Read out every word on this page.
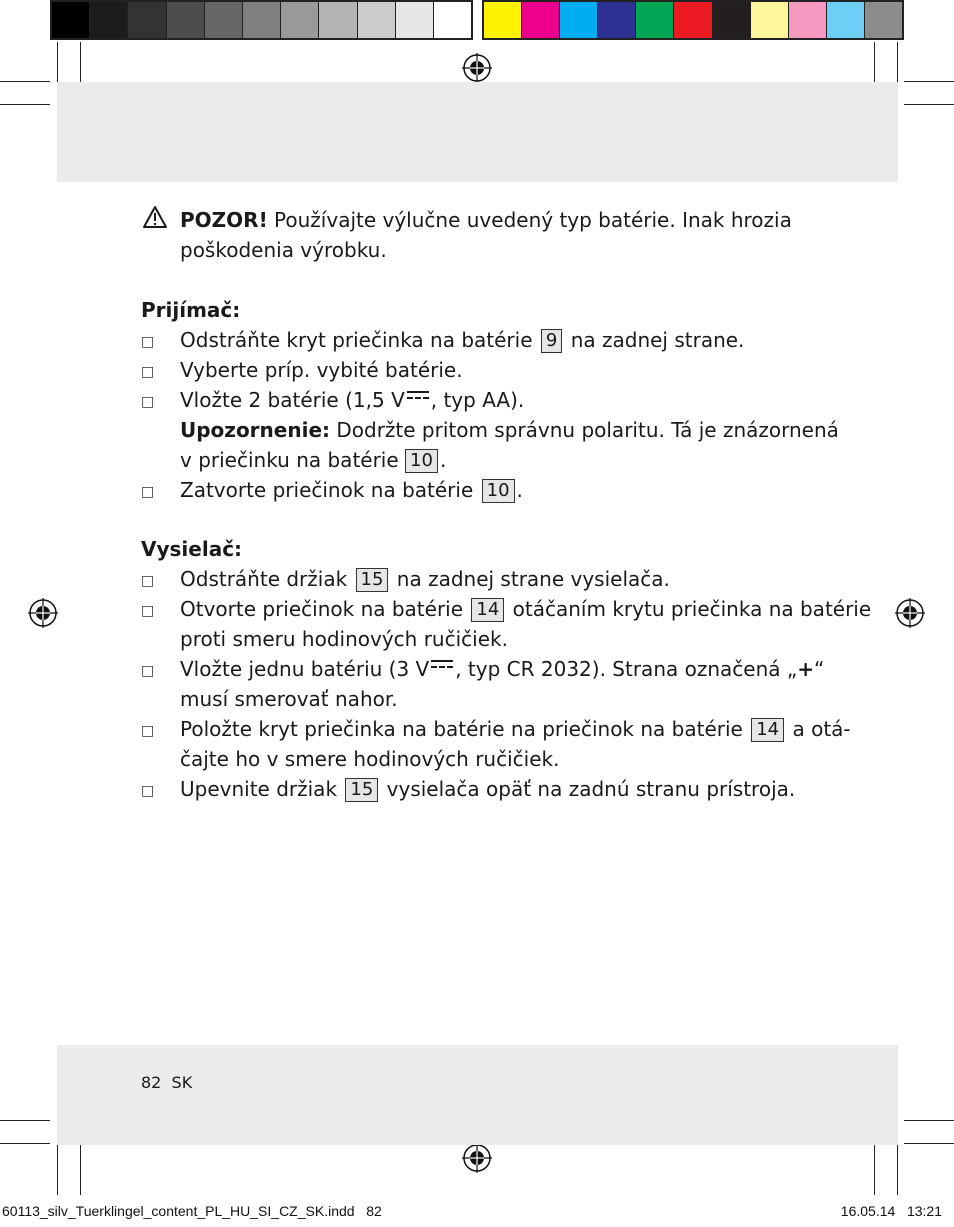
POZOR! Používajte výlučne uvedený typ batérie. Inak hrozia
poškodenia výrobku.
Prijímač:
□ Odstráňte kryt priečinka na batérie 9 na zadnej strane.
□ Vyberte príp. vybité batérie.
□ Vložte 2 batérie (1,5 V , typ AA).
Upozornenie: Dodržte pritom správnu polaritu. Tá je znázornená
v priečinku na batérie 10 .
□ Zatvorte priečinok na batérie 10 .
Vysielač:
□ Odstráňte držiak 15 na zadnej strane vysielača.
□ Otvorte priečinok na batérie 14 otáčaním krytu priečinka na batérie
proti smeru hodinových ručičiek.
□ Vložte jednu batériu (3 V , typ CR 2032). Strana označená „+“
musí smerovať nahor.
□ Položte kryt priečinka na batérie na priečinok na batérie 14 a otá-
čajte ho v smere hodinových ručičiek.
□ Upevnite držiak 15 vysielača opäť na zadnú stranu prístroja.
82 SK
60113_silv_Tuerklingel_content_PL_HU_SI_CZ_SK.indd 82	16.05.14 13:21
